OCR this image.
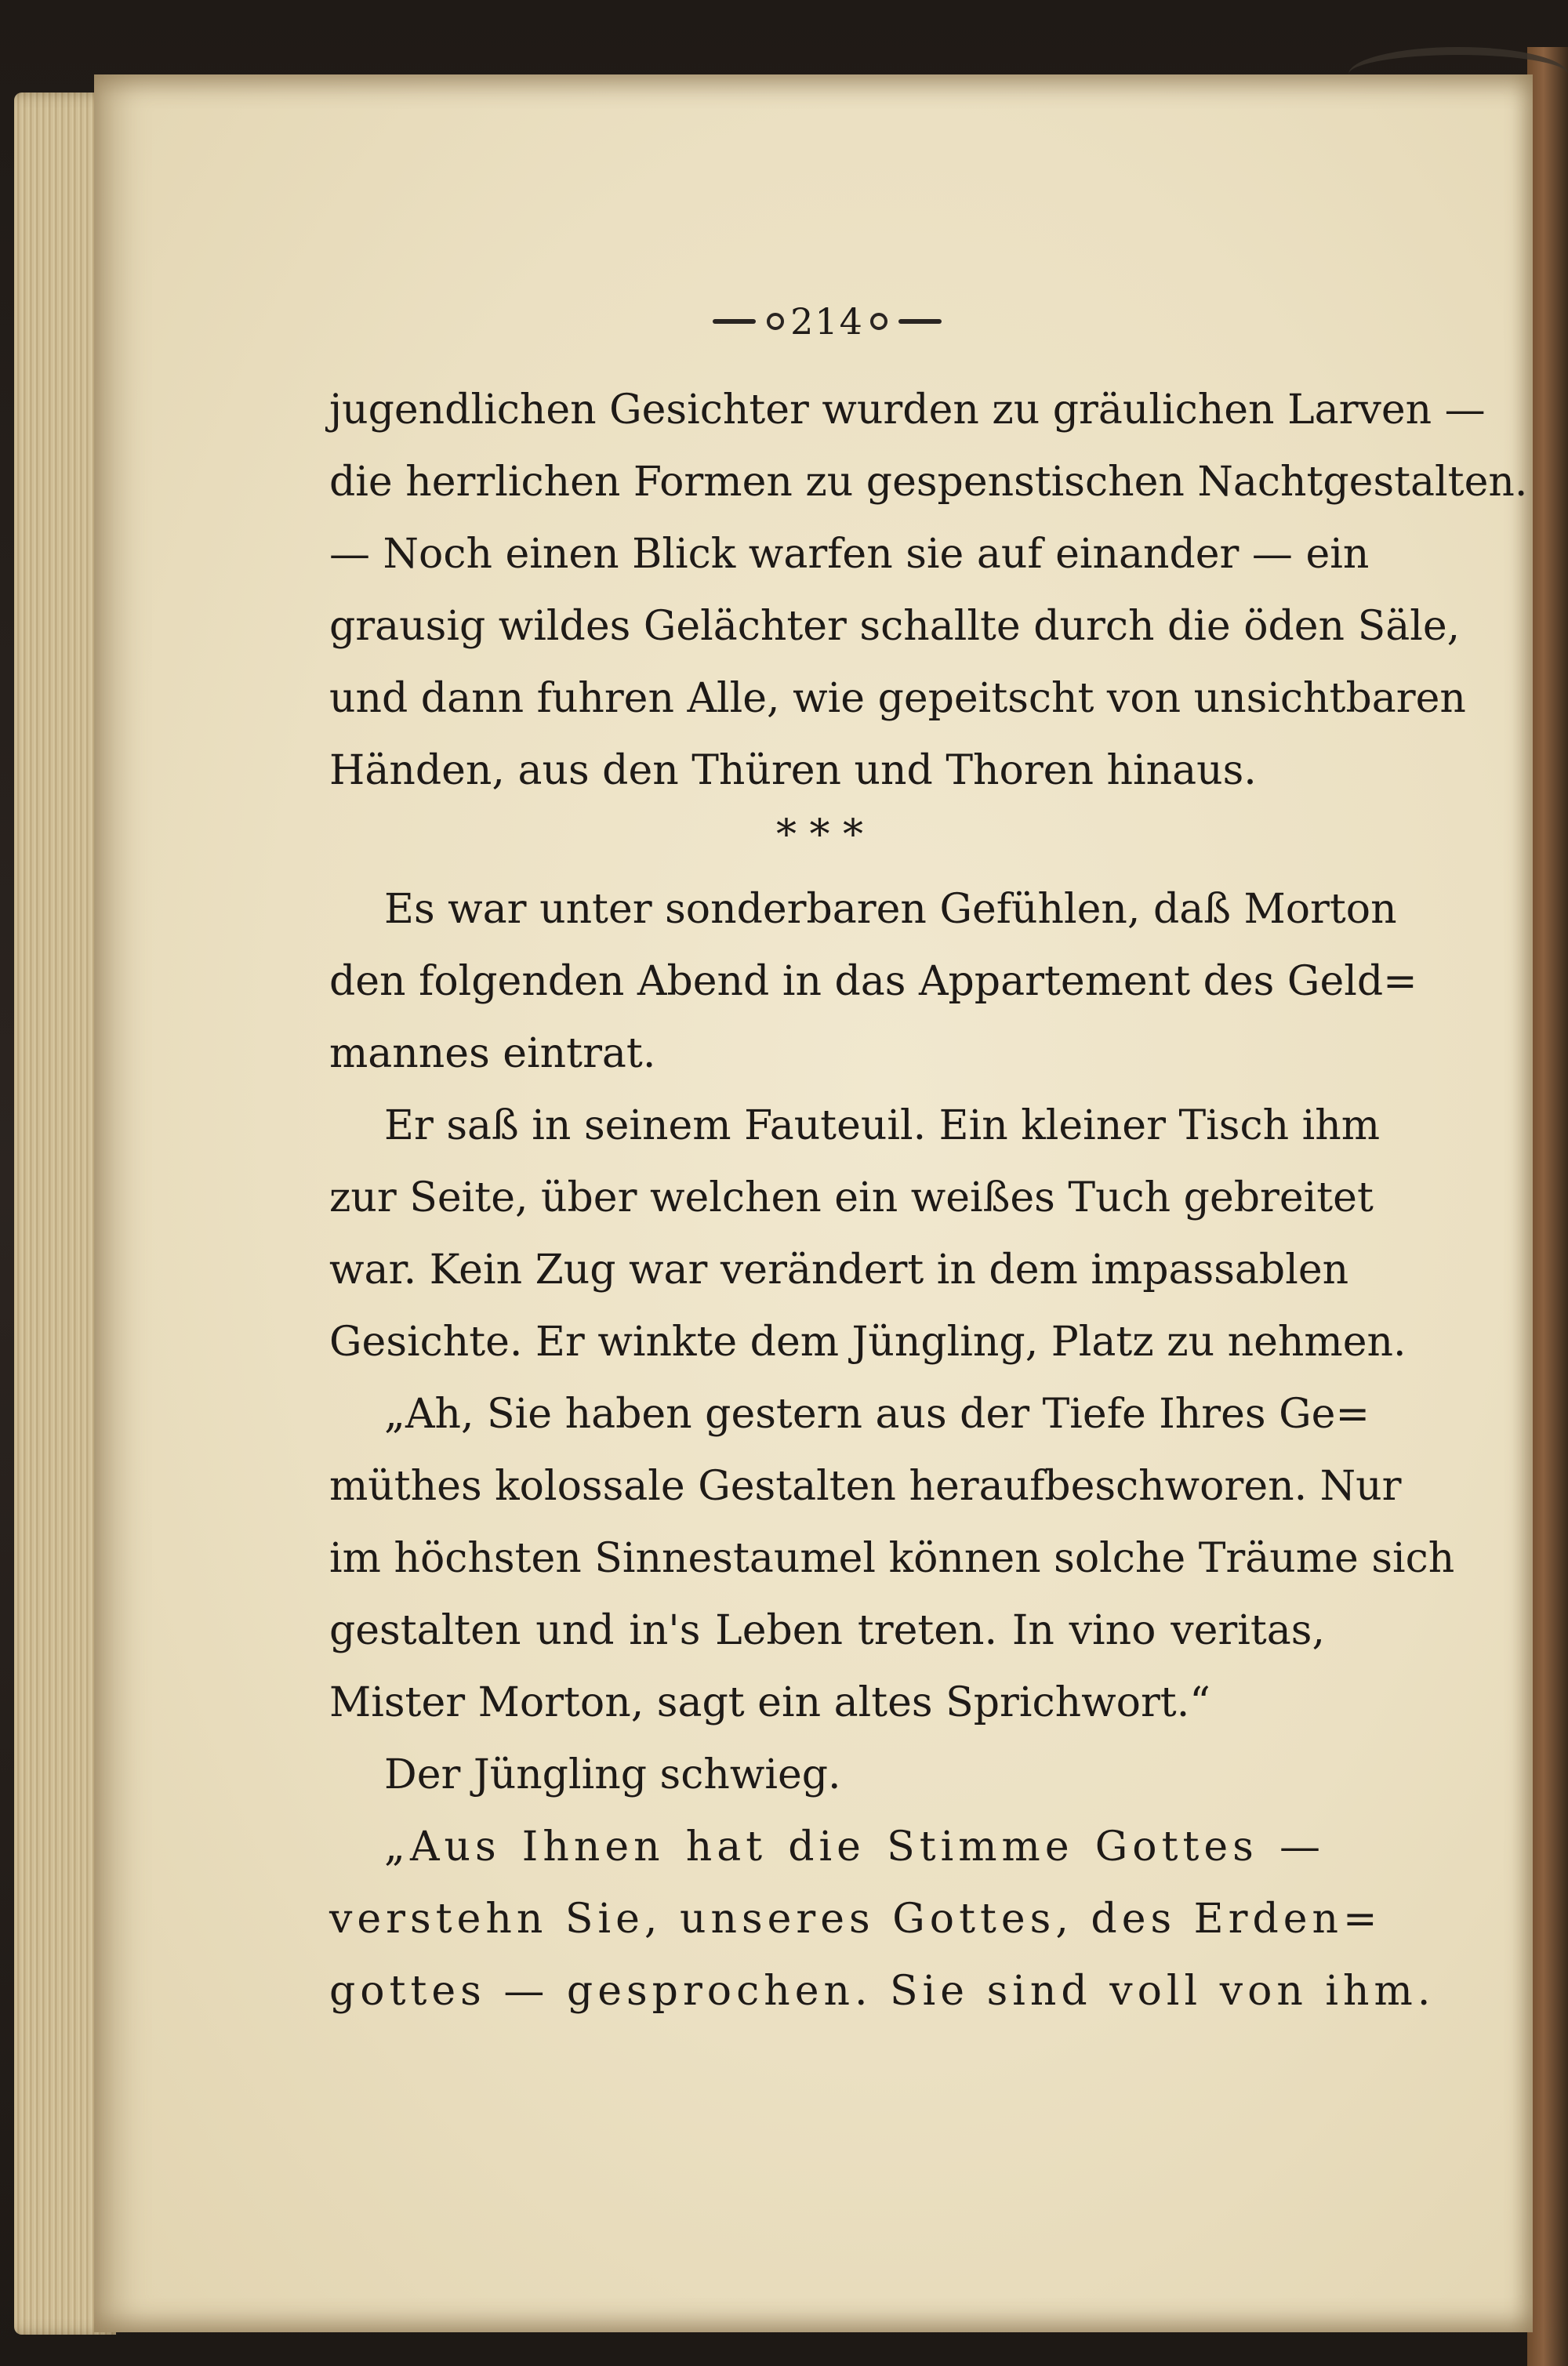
214
jugendlichen Gesichter wurden zu gräulichen Larven —
die herrlichen Formen zu gespenstischen Nachtgestalten.
— Noch einen Blick warfen sie auf einander — ein
grausig wildes Gelächter schallte durch die öden Säle,
und dann fuhren Alle, wie gepeitscht von unsichtbaren
Händen, aus den Thüren und Thoren hinaus.
Es war unter sonderbaren Gefühlen, daß Morton
den folgenden Abend in das Appartement des Geld=
mannes eintrat.
Er saß in seinem Fauteuil. Ein kleiner Tisch ihm
zur Seite, über welchen ein weißes Tuch gebreitet
war. Kein Zug war verändert in dem impassablen
Gesichte. Er winkte dem Jüngling, Platz zu nehmen.
„Ah, Sie haben gestern aus der Tiefe Ihres Ge=
müthes kolossale Gestalten heraufbeschworen. Nur
im höchsten Sinnestaumel können solche Träume sich
gestalten und in's Leben treten. In vino veritas,
Mister Morton, sagt ein altes Sprichwort.“
Der Jüngling schwieg.
„Aus Ihnen hat die Stimme Gottes —
verstehn Sie, unseres Gottes, des Erden=
gottes — gesprochen. Sie sind voll von ihm.
* * *
